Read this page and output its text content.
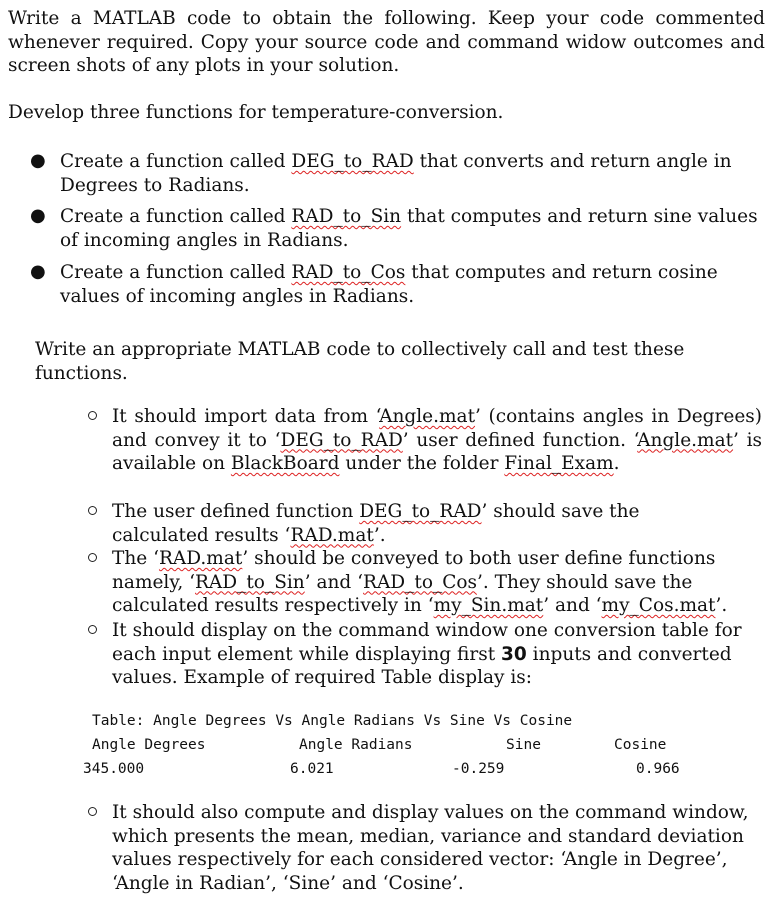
Write a MATLAB code to obtain the following. Keep your code commented whenever required. Copy your source code and command widow outcomes and screen shots of any plots in your solution.

Develop three functions for temperature-conversion.

● Create a function called DEG_to_RAD that converts and return angle in Degrees to Radians.

● Create a function called RAD_to_Sin that computes and return sine values of incoming angles in Radians.

● Create a function called RAD_to_Cos that computes and return cosine values of incoming angles in Radians.

Write an appropriate MATLAB code to collectively call and test these functions.

It should import data from ‘Angle.mat’ (contains angles in Degrees) and convey it to ‘DEG_to_RAD’ user defined function. ‘Angle.mat’ is available on BlackBoard under the folder Final_Exam.

The user defined function DEG_to_RAD’ should save the calculated results ‘RAD.mat’.

The ‘RAD.mat’ should be conveyed to both user define functions namely, ‘RAD_to_Sin’ and ‘RAD_to_Cos’. They should save the calculated results respectively in ‘my_Sin.mat’ and ‘my_Cos.mat’.

It should display on the command window one conversion table for each input element while displaying first 30 inputs and converted values. Example of required Table display is:

Table: Angle Degrees Vs Angle Radians Vs Sine Vs Cosine
Angle Degrees	Angle Radians	Sine	Cosine
345.000	6.021	-0.259	0.966

It should also compute and display values on the command window, which presents the mean, median, variance and standard deviation values respectively for each considered vector: ‘Angle in Degree’, ‘Angle in Radian’, ‘Sine’ and ‘Cosine’.
